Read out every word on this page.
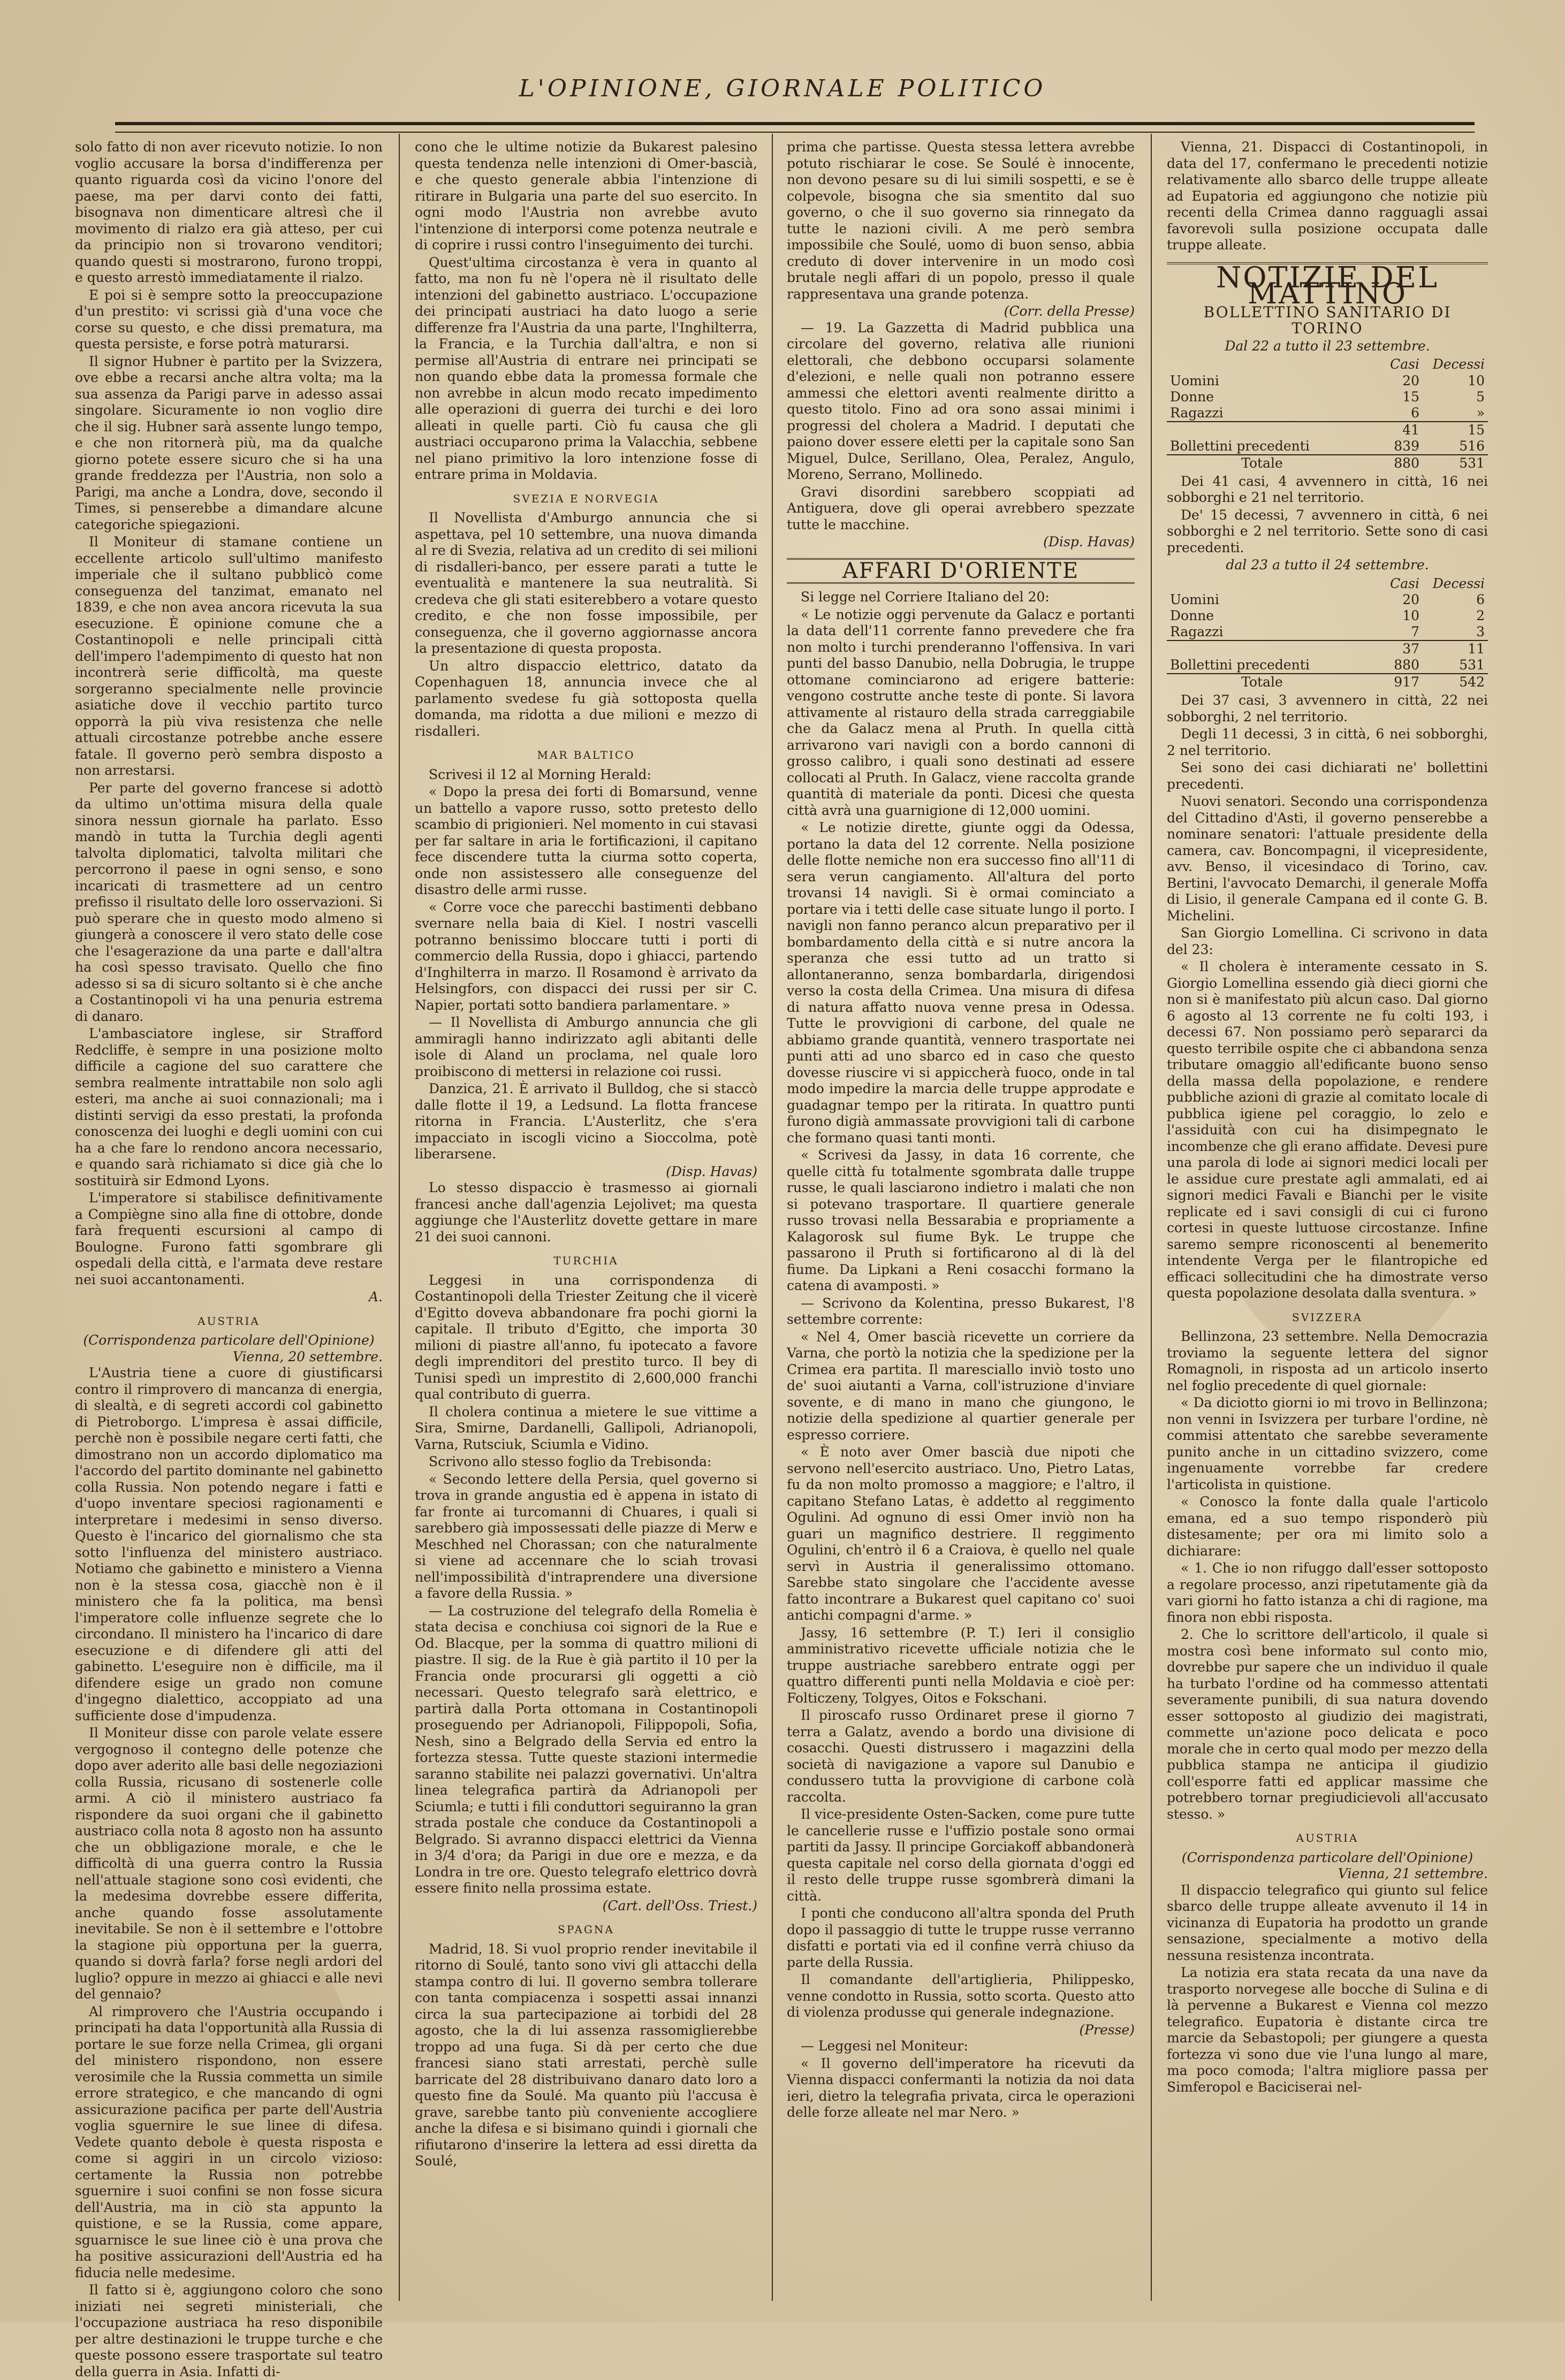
L'OPINIONE, GIORNALE POLITICO

solo fatto di non aver ricevuto notizie. Io non voglio accusare la borsa d'indifferenza per quanto riguarda così da vicino l'onore del paese, ma per darvi conto dei fatti, bisognava non dimenticare altresì che il movimento di rialzo era già atteso, per cui da principio non si trovarono venditori; quando questi si mostrarono, furono troppi, e questo arrestò immediatamente il rialzo.

E poi si è sempre sotto la preoccupazione d'un prestito: vi scrissi già d'una voce che corse su questo, e che dissi prematura, ma questa persiste, e forse potrà maturarsi.

Il signor Hubner è partito per la Svizzera, ove ebbe a recarsi anche altra volta; ma la sua assenza da Parigi parve in adesso assai singolare. Sicuramente io non voglio dire che il sig. Hubner sarà assente lungo tempo, e che non ritornerà più, ma da qualche giorno potete essere sicuro che si ha una grande freddezza per l'Austria, non solo a Parigi, ma anche a Londra, dove, secondo il Times, si penserebbe a dimandare alcune categoriche spiegazioni.

Il Moniteur di stamane contiene un eccellente articolo sull'ultimo manifesto imperiale che il sultano pubblicò come conseguenza del tanzimat, emanato nel 1839, e che non avea ancora ricevuta la sua esecuzione. È opinione comune che a Costantinopoli e nelle principali città dell'impero l'adempimento di questo hat non incontrerà serie difficoltà, ma queste sorgeranno specialmente nelle provincie asiatiche dove il vecchio partito turco opporrà la più viva resistenza che nelle attuali circostanze potrebbe anche essere fatale. Il governo però sembra disposto a non arrestarsi.

Per parte del governo francese si adottò da ultimo un'ottima misura della quale sinora nessun giornale ha parlato. Esso mandò in tutta la Turchia degli agenti talvolta diplomatici, talvolta militari che percorrono il paese in ogni senso, e sono incaricati di trasmettere ad un centro prefisso il risultato delle loro osservazioni. Si può sperare che in questo modo almeno si giungerà a conoscere il vero stato delle cose che l'esagerazione da una parte e dall'altra ha così spesso travisato. Quello che fino adesso si sa di sicuro soltanto si è che anche a Costantinopoli vi ha una penuria estrema di danaro.

L'ambasciatore inglese, sir Strafford Redcliffe, è sempre in una posizione molto difficile a cagione del suo carattere che sembra realmente intrattabile non solo agli esteri, ma anche ai suoi connazionali; ma i distinti servigi da esso prestati, la profonda conoscenza dei luoghi e degli uomini con cui ha a che fare lo rendono ancora necessario, e quando sarà richiamato si dice già che lo sostituirà sir Edmond Lyons.

L'imperatore si stabilisce definitivamente a Compiègne sino alla fine di ottobre, donde farà frequenti escursioni al campo di Boulogne. Furono fatti sgombrare gli ospedali della città, e l'armata deve restare nei suoi accantonamenti.

A.
AUSTRIA
(Corrispondenza particolare dell'Opinione)
Vienna, 20 settembre.

L'Austria tiene a cuore di giustificarsi contro il rimprovero di mancanza di energia, di slealtà, e di segreti accordi col gabinetto di Pietroborgo. L'impresa è assai difficile, perchè non è possibile negare certi fatti, che dimostrano non un accordo diplomatico ma l'accordo del partito dominante nel gabinetto colla Russia. Non potendo negare i fatti e d'uopo inventare speciosi ragionamenti e interpretare i medesimi in senso diverso. Questo è l'incarico del giornalismo che sta sotto l'influenza del ministero austriaco. Notiamo che gabinetto e ministero a Vienna non è la stessa cosa, giacchè non è il ministero che fa la politica, ma bensì l'imperatore colle influenze segrete che lo circondano. Il ministero ha l'incarico di dare esecuzione e di difendere gli atti del gabinetto. L'eseguire non è difficile, ma il difendere esige un grado non comune d'ingegno dialettico, accoppiato ad una sufficiente dose d'impudenza.

Il Moniteur disse con parole velate essere vergognoso il contegno delle potenze che dopo aver aderito alle basi delle negoziazioni colla Russia, ricusano di sostenerle colle armi. A ciò il ministero austriaco fa rispondere da suoi organi che il gabinetto austriaco colla nota 8 agosto non ha assunto che un obbligazione morale, e che le difficoltà di una guerra contro la Russia nell'attuale stagione sono così evidenti, che la medesima dovrebbe essere differita, anche quando fosse assolutamente inevitabile. Se non è il settembre e l'ottobre la stagione più opportuna per la guerra, quando si dovrà farla? forse negli ardori del luglio? oppure in mezzo ai ghiacci e alle nevi del gennaio?

Al rimprovero che l'Austria occupando i principati ha data l'opportunità alla Russia di portare le sue forze nella Crimea, gli organi del ministero rispondono, non essere verosimile che la Russia commetta un simile errore strategico, e che mancando di ogni assicurazione pacifica per parte dell'Austria voglia sguernire le sue linee di difesa. Vedete quanto debole è questa risposta e come si aggiri in un circolo vizioso: certamente la Russia non potrebbe sguernire i suoi confini se non fosse sicura dell'Austria, ma in ciò sta appunto la quistione, e se la Russia, come appare, sguarnisce le sue linee ciò è una prova che ha positive assicurazioni dell'Austria ed ha fiducia nelle medesime.

Il fatto si è, aggiungono coloro che sono iniziati nei segreti ministeriali, che l'occupazione austriaca ha reso disponibile per altre destinazioni le truppe turche e che queste possono essere trasportate sul teatro della guerra in Asia. Infatti di-

cono che le ultime notizie da Bukarest palesino questa tendenza nelle intenzioni di Omer-bascià, e che questo generale abbia l'intenzione di ritirare in Bulgaria una parte del suo esercito. In ogni modo l'Austria non avrebbe avuto l'intenzione di interporsi come potenza neutrale e di coprire i russi contro l'inseguimento dei turchi.

Quest'ultima circostanza è vera in quanto al fatto, ma non fu nè l'opera nè il risultato delle intenzioni del gabinetto austriaco. L'occupazione dei principati austriaci ha dato luogo a serie differenze fra l'Austria da una parte, l'Inghilterra, la Francia, e la Turchia dall'altra, e non si permise all'Austria di entrare nei principati se non quando ebbe data la promessa formale che non avrebbe in alcun modo recato impedimento alle operazioni di guerra dei turchi e dei loro alleati in quelle parti. Ciò fu causa che gli austriaci occuparono prima la Valacchia, sebbene nel piano primitivo la loro intenzione fosse di entrare prima in Moldavia.

SVEZIA E NORVEGIA

Il Novellista d'Amburgo annuncia che si aspettava, pel 10 settembre, una nuova dimanda al re di Svezia, relativa ad un credito di sei milioni di risdalleri-banco, per essere parati a tutte le eventualità e mantenere la sua neutralità. Si credeva che gli stati esiterebbero a votare questo credito, e che non fosse impossibile, per conseguenza, che il governo aggiornasse ancora la presentazione di questa proposta.

Un altro dispaccio elettrico, datato da Copenhaguen 18, annuncia invece che al parlamento svedese fu già sottoposta quella domanda, ma ridotta a due milioni e mezzo di risdalleri.

MAR BALTICO

Scrivesi il 12 al Morning Herald:

« Dopo la presa dei forti di Bomarsund, venne un battello a vapore russo, sotto pretesto dello scambio di prigionieri. Nel momento in cui stavasi per far saltare in aria le fortificazioni, il capitano fece discendere tutta la ciurma sotto coperta, onde non assistessero alle conseguenze del disastro delle armi russe.

« Corre voce che parecchi bastimenti debbano svernare nella baia di Kiel. I nostri vascelli potranno benissimo bloccare tutti i porti di commercio della Russia, dopo i ghiacci, partendo d'Inghilterra in marzo. Il Rosamond è arrivato da Helsingfors, con dispacci dei russi per sir C. Napier, portati sotto bandiera parlamentare. »

— Il Novellista di Amburgo annuncia che gli ammiragli hanno indirizzato agli abitanti delle isole di Aland un proclama, nel quale loro proibiscono di mettersi in relazione coi russi.

Danzica, 21. È arrivato il Bulldog, che si staccò dalle flotte il 19, a Ledsund. La flotta francese ritorna in Francia. L'Austerlitz, che s'era impacciato in iscogli vicino a Sioccolma, potè liberarsene.

(Disp. Havas)

Lo stesso dispaccio è trasmesso ai giornali francesi anche dall'agenzia Lejolivet; ma questa aggiunge che l'Austerlitz dovette gettare in mare 21 dei suoi cannoni.

TURCHIA

Leggesi in una corrispondenza di Costantinopoli della Triester Zeitung che il vicerè d'Egitto doveva abbandonare fra pochi giorni la capitale. Il tributo d'Egitto, che importa 30 milioni di piastre all'anno, fu ipotecato a favore degli imprenditori del prestito turco. Il bey di Tunisi spedì un imprestito di 2,600,000 franchi qual contributo di guerra.

Il cholera continua a mietere le sue vittime a Sira, Smirne, Dardanelli, Gallipoli, Adrianopoli, Varna, Rutsciuk, Sciumla e Vidino.

Scrivono allo stesso foglio da Trebisonda:

« Secondo lettere della Persia, quel governo si trova in grande angustia ed è appena in istato di far fronte ai turcomanni di Chuares, i quali si sarebbero già impossessati delle piazze di Merw e Meschhed nel Chorassan; con che naturalmente si viene ad accennare che lo sciah trovasi nell'impossibilità d'intraprendere una diversione a favore della Russia. »

— La costruzione del telegrafo della Romelia è stata decisa e conchiusa coi signori de la Rue e Od. Blacque, per la somma di quattro milioni di piastre. Il sig. de la Rue è già partito il 10 per la Francia onde procurarsi gli oggetti a ciò necessari. Questo telegrafo sarà elettrico, e partirà dalla Porta ottomana in Costantinopoli proseguendo per Adrianopoli, Filippopoli, Sofia, Nesh, sino a Belgrado della Servia ed entro la fortezza stessa. Tutte queste stazioni intermedie saranno stabilite nei palazzi governativi. Un'altra linea telegrafica partirà da Adrianopoli per Sciumla; e tutti i fili conduttori seguiranno la gran strada postale che conduce da Costantinopoli a Belgrado. Si avranno dispacci elettrici da Vienna in 3/4 d'ora; da Parigi in due ore e mezza, e da Londra in tre ore. Questo telegrafo elettrico dovrà essere finito nella prossima estate.

(Cart. dell'Oss. Triest.)
SPAGNA

Madrid, 18. Si vuol proprio render inevitabile il ritorno di Soulé, tanto sono vivi gli attacchi della stampa contro di lui. Il governo sembra tollerare con tanta compiacenza i sospetti assai innanzi circa la sua partecipazione ai torbidi del 28 agosto, che la di lui assenza rassomiglierebbe troppo ad una fuga. Si dà per certo che due francesi siano stati arrestati, perchè sulle barricate del 28 distribuivano danaro dato loro a questo fine da Soulé. Ma quanto più l'accusa è grave, sarebbe tanto più conveniente accogliere anche la difesa e si bisimano quindi i giornali che rifiutarono d'inserire la lettera ad essi diretta da Soulé,

prima che partisse. Questa stessa lettera avrebbe potuto rischiarar le cose. Se Soulé è innocente, non devono pesare su di lui simili sospetti, e se è colpevole, bisogna che sia smentito dal suo governo, o che il suo governo sia rinnegato da tutte le nazioni civili. A me però sembra impossibile che Soulé, uomo di buon senso, abbia creduto di dover intervenire in un modo così brutale negli affari di un popolo, presso il quale rappresentava una grande potenza.

(Corr. della Presse)

— 19. La Gazzetta di Madrid pubblica una circolare del governo, relativa alle riunioni elettorali, che debbono occuparsi solamente d'elezioni, e nelle quali non potranno essere ammessi che elettori aventi realmente diritto a questo titolo. Fino ad ora sono assai minimi i progressi del cholera a Madrid. I deputati che paiono dover essere eletti per la capitale sono San Miguel, Dulce, Serillano, Olea, Peralez, Angulo, Moreno, Serrano, Mollinedo.

Gravi disordini sarebbero scoppiati ad Antiguera, dove gli operai avrebbero spezzate tutte le macchine.

(Disp. Havas)
AFFARI D'ORIENTE

Si legge nel Corriere Italiano del 20:

« Le notizie oggi pervenute da Galacz e portanti la data dell'11 corrente fanno prevedere che fra non molto i turchi prenderanno l'offensiva. In vari punti del basso Danubio, nella Dobrugia, le truppe ottomane cominciarono ad erigere batterie: vengono costrutte anche teste di ponte. Si lavora attivamente al ristauro della strada carreggiabile che da Galacz mena al Pruth. In quella città arrivarono vari navigli con a bordo cannoni di grosso calibro, i quali sono destinati ad essere collocati al Pruth. In Galacz, viene raccolta grande quantità di materiale da ponti. Dicesi che questa città avrà una guarnigione di 12,000 uomini.

« Le notizie dirette, giunte oggi da Odessa, portano la data del 12 corrente. Nella posizione delle flotte nemiche non era successo fino all'11 di sera verun cangiamento. All'altura del porto trovansi 14 navigli. Si è ormai cominciato a portare via i tetti delle case situate lungo il porto. I navigli non fanno peranco alcun preparativo per il bombardamento della città e si nutre ancora la speranza che essi tutto ad un tratto si allontaneranno, senza bombardarla, dirigendosi verso la costa della Crimea. Una misura di difesa di natura affatto nuova venne presa in Odessa. Tutte le provvigioni di carbone, del quale ne abbiamo grande quantità, vennero trasportate nei punti atti ad uno sbarco ed in caso che questo dovesse riuscire vi si appiccherà fuoco, onde in tal modo impedire la marcia delle truppe approdate e guadagnar tempo per la ritirata. In quattro punti furono digià ammassate provvigioni tali di carbone che formano quasi tanti monti.

« Scrivesi da Jassy, in data 16 corrente, che quelle città fu totalmente sgombrata dalle truppe russe, le quali lasciarono indietro i malati che non si potevano trasportare. Il quartiere generale russo trovasi nella Bessarabia e propriamente a Kalagorosk sul fiume Byk. Le truppe che passarono il Pruth si fortificarono al di là del fiume. Da Lipkani a Reni cosacchi formano la catena di avamposti. »

— Scrivono da Kolentina, presso Bukarest, l'8 settembre corrente:

« Nel 4, Omer bascià ricevette un corriere da Varna, che portò la notizia che la spedizione per la Crimea era partita. Il maresciallo inviò tosto uno de' suoi aiutanti a Varna, coll'istruzione d'inviare sovente, e di mano in mano che giungono, le notizie della spedizione al quartier generale per espresso corriere.

« È noto aver Omer bascià due nipoti che servono nell'esercito austriaco. Uno, Pietro Latas, fu da non molto promosso a maggiore; e l'altro, il capitano Stefano Latas, è addetto al reggimento Ogulini. Ad ognuno di essi Omer inviò non ha guari un magnifico destriere. Il reggimento Ogulini, ch'entrò il 6 a Craiova, è quello nel quale servì in Austria il generalissimo ottomano. Sarebbe stato singolare che l'accidente avesse fatto incontrare a Bukarest quel capitano co' suoi antichi compagni d'arme. »

Jassy, 16 settembre (P. T.) Ieri il consiglio amministrativo ricevette ufficiale notizia che le truppe austriache sarebbero entrate oggi per quattro differenti punti nella Moldavia e cioè per: Folticzeny, Tolgyes, Oitos e Fokschani.

Il piroscafo russo Ordinaret prese il giorno 7 terra a Galatz, avendo a bordo una divisione di cosacchi. Questi distrussero i magazzini della società di navigazione a vapore sul Danubio e condussero tutta la provvigione di carbone colà raccolta.

Il vice-presidente Osten-Sacken, come pure tutte le cancellerie russe e l'uffizio postale sono ormai partiti da Jassy. Il principe Gorciakoff abbandonerà questa capitale nel corso della giornata d'oggi ed il resto delle truppe russe sgombrerà dimani la città.

I ponti che conducono all'altra sponda del Pruth dopo il passaggio di tutte le truppe russe verranno disfatti e portati via ed il confine verrà chiuso da parte della Russia.

Il comandante dell'artiglieria, Philippesko, venne condotto in Russia, sotto scorta. Questo atto di violenza produsse qui generale indegnazione.

(Presse)

— Leggesi nel Moniteur:

« Il governo dell'imperatore ha ricevuti da Vienna dispacci confermanti la notizia da noi data ieri, dietro la telegrafia privata, circa le operazioni delle forze alleate nel mar Nero. »

Vienna, 21. Dispacci di Costantinopoli, in data del 17, confermano le precedenti notizie relativamente allo sbarco delle truppe alleate ad Eupatoria ed aggiungono che notizie più recenti della Crimea danno ragguagli assai favorevoli sulla posizione occupata dalle truppe alleate.

NOTIZIE DEL MATTINO
BOLLETTINO SANITARIO DI TORINO
Dal 22 a tutto il 23 settembre.
	Casi	Decessi
Uomini	20	10
Donne	15	5
Ragazzi	6	»
	41	15
Bollettini precedenti	839	516
Totale	880	531

Dei 41 casi, 4 avvennero in città, 16 nei sobborghi e 21 nel territorio.

De' 15 decessi, 7 avvennero in città, 6 nei sobborghi e 2 nel territorio. Sette sono di casi precedenti.

dal 23 a tutto il 24 settembre.
	Casi	Decessi
Uomini	20	6
Donne	10	2
Ragazzi	7	3
	37	11
Bollettini precedenti	880	531
Totale	917	542

Dei 37 casi, 3 avvennero in città, 22 nei sobborghi, 2 nel territorio.

Degli 11 decessi, 3 in città, 6 nei sobborghi, 2 nel territorio.

Sei sono dei casi dichiarati ne' bollettini precedenti.

Nuovi senatori. Secondo una corrispondenza del Cittadino d'Asti, il governo penserebbe a nominare senatori: l'attuale presidente della camera, cav. Boncompagni, il vicepresidente, avv. Benso, il vicesindaco di Torino, cav. Bertini, l'avvocato Demarchi, il generale Moffa di Lisio, il generale Campana ed il conte G. B. Michelini.

San Giorgio Lomellina. Ci scrivono in data del 23:

« Il cholera è interamente cessato in S. Giorgio Lomellina essendo già dieci giorni che non si è manifestato più alcun caso. Dal giorno 6 agosto al 13 corrente ne fu colti 193, i decessi 67. Non possiamo però separarci da questo terribile ospite che ci abbandona senza tributare omaggio all'edificante buono senso della massa della popolazione, e rendere pubbliche azioni di grazie al comitato locale di pubblica igiene pel coraggio, lo zelo e l'assiduità con cui ha disimpegnato le incombenze che gli erano affidate. Devesi pure una parola di lode ai signori medici locali per le assidue cure prestate agli ammalati, ed ai signori medici Favali e Bianchi per le visite replicate ed i savi consigli di cui ci furono cortesi in queste luttuose circostanze. Infine saremo sempre riconoscenti al benemerito intendente Verga per le filantropiche ed efficaci sollecitudini che ha dimostrate verso questa popolazione desolata dalla sventura. »

SVIZZERA

Bellinzona, 23 settembre. Nella Democrazia troviamo la seguente lettera del signor Romagnoli, in risposta ad un articolo inserto nel foglio precedente di quel giornale:

« Da diciotto giorni io mi trovo in Bellinzona; non venni in Isvizzera per turbare l'ordine, nè commisi attentato che sarebbe severamente punito anche in un cittadino svizzero, come ingenuamente vorrebbe far credere l'articolista in quistione.

« Conosco la fonte dalla quale l'articolo emana, ed a suo tempo risponderò più distesamente; per ora mi limito solo a dichiarare:

« 1. Che io non rifuggo dall'esser sottoposto a regolare processo, anzi ripetutamente già da vari giorni ho fatto istanza a chi di ragione, ma finora non ebbi risposta.

2. Che lo scrittore dell'articolo, il quale si mostra così bene informato sul conto mio, dovrebbe pur sapere che un individuo il quale ha turbato l'ordine od ha commesso attentati severamente punibili, di sua natura dovendo esser sottoposto al giudizio dei magistrati, commette un'azione poco delicata e poco morale che in certo qual modo per mezzo della pubblica stampa ne anticipa il giudizio coll'esporre fatti ed applicar massime che potrebbero tornar pregiudicievoli all'accusato stesso. »

AUSTRIA
(Corrispondenza particolare dell'Opinione)
Vienna, 21 settembre.

Il dispaccio telegrafico qui giunto sul felice sbarco delle truppe alleate avvenuto il 14 in vicinanza di Eupatoria ha prodotto un grande sensazione, specialmente a motivo della nessuna resistenza incontrata.

La notizia era stata recata da una nave da trasporto norvegese alle bocche di Sulina e di là pervenne a Bukarest e Vienna col mezzo telegrafico. Eupatoria è distante circa tre marcie da Sebastopoli; per giungere a questa fortezza vi sono due vie l'una lungo al mare, ma poco comoda; l'altra migliore passa per Simferopol e Baciciserai nel-
